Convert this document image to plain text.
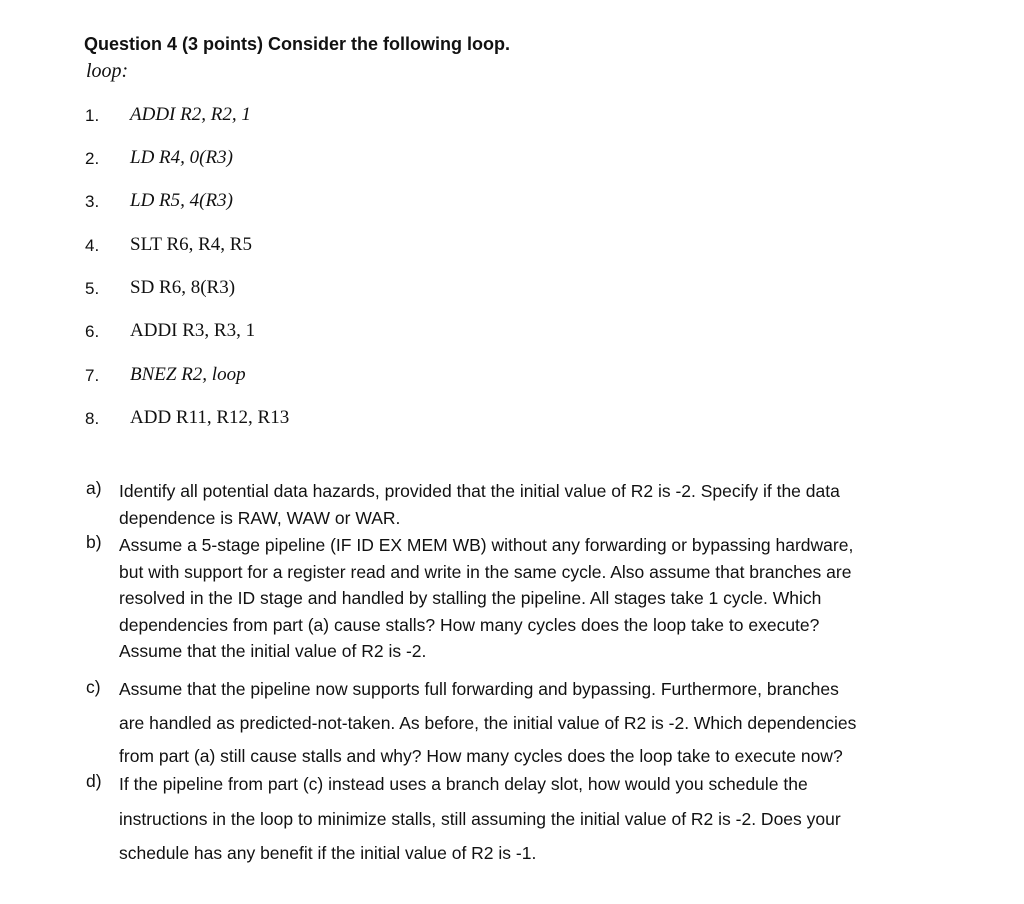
Question 4 (3 points) Consider the following loop.
loop:
1. ADDI R2, R2, 1
2. LD R4, 0(R3)
3. LD R5, 4(R3)
4. SLT R6, R4, R5
5. SD R6, 8(R3)
6. ADDI R3, R3, 1
7. BNEZ R2, loop
8. ADD R11, R12, R13
a) Identify all potential data hazards, provided that the initial value of R2 is -2. Specify if the data
dependence is RAW, WAW or WAR.
b) Assume a 5-stage pipeline (IF ID EX MEM WB) without any forwarding or bypassing hardware,
but with support for a register read and write in the same cycle. Also assume that branches are
resolved in the ID stage and handled by stalling the pipeline. All stages take 1 cycle. Which
dependencies from part (a) cause stalls? How many cycles does the loop take to execute?
Assume that the initial value of R2 is -2.
c) Assume that the pipeline now supports full forwarding and bypassing. Furthermore, branches
are handled as predicted-not-taken. As before, the initial value of R2 is -2. Which dependencies
from part (a) still cause stalls and why? How many cycles does the loop take to execute now?
d) If the pipeline from part (c) instead uses a branch delay slot, how would you schedule the
instructions in the loop to minimize stalls, still assuming the initial value of R2 is -2. Does your
schedule has any benefit if the initial value of R2 is -1.
